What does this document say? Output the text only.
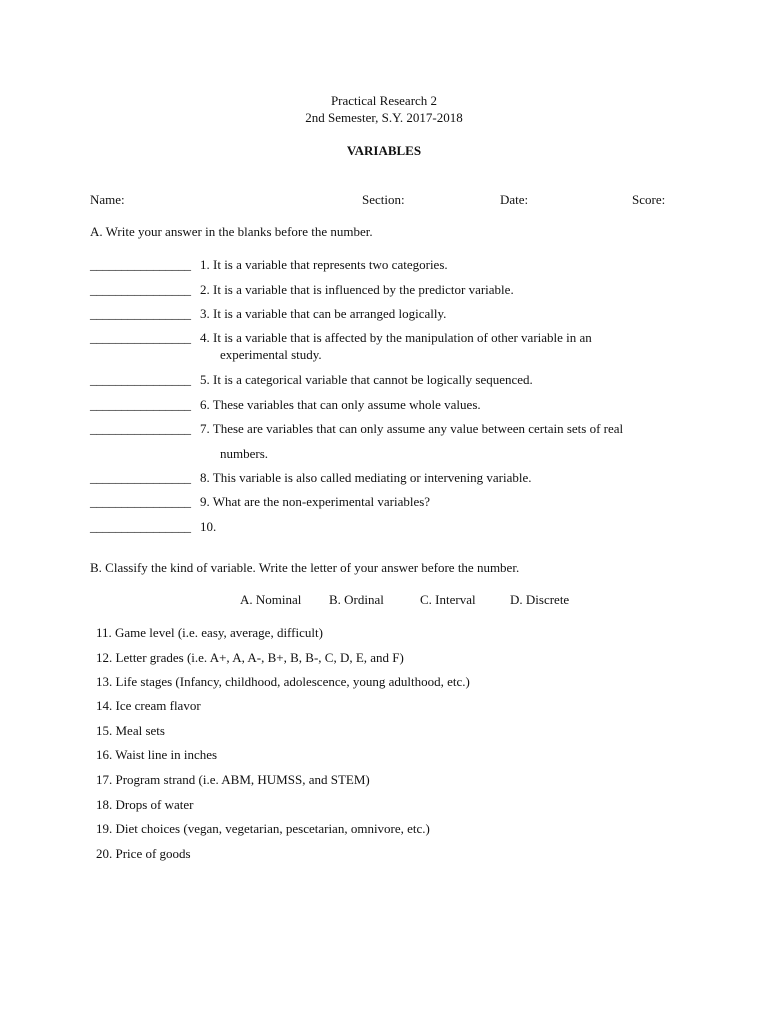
Practical Research 2
2nd Semester, S.Y. 2017-2018
VARIABLES
Name:	Section:	Date:	Score:
A. Write your answer in the blanks before the number.
________________1. It is a variable that represents two categories.
________________2. It is a variable that is influenced by the predictor variable.
________________3. It is a variable that can be arranged logically.
________________4. It is a variable that is affected by the manipulation of other variable in an
experimental study.
________________5. It is a categorical variable that cannot be logically sequenced.
________________6. These variables that can only assume whole values.
________________7. These are variables that can only assume any value between certain sets of real
numbers.
________________8. This variable is also called mediating or intervening variable.
________________9. What are the non-experimental variables?
________________10.
B. Classify the kind of variable. Write the letter of your answer before the number.
A. Nominal B. Ordinal	C. Interval	D. Discrete
11. Game level (i.e. easy, average, difficult)
12. Letter grades (i.e. A+, A, A-, B+, B, B-, C, D, E, and F)
13. Life stages (Infancy, childhood, adolescence, young adulthood, etc.)
14. Ice cream flavor
15. Meal sets
16. Waist line in inches
17. Program strand (i.e. ABM, HUMSS, and STEM)
18. Drops of water
19. Diet choices (vegan, vegetarian, pescetarian, omnivore, etc.)
20. Price of goods
